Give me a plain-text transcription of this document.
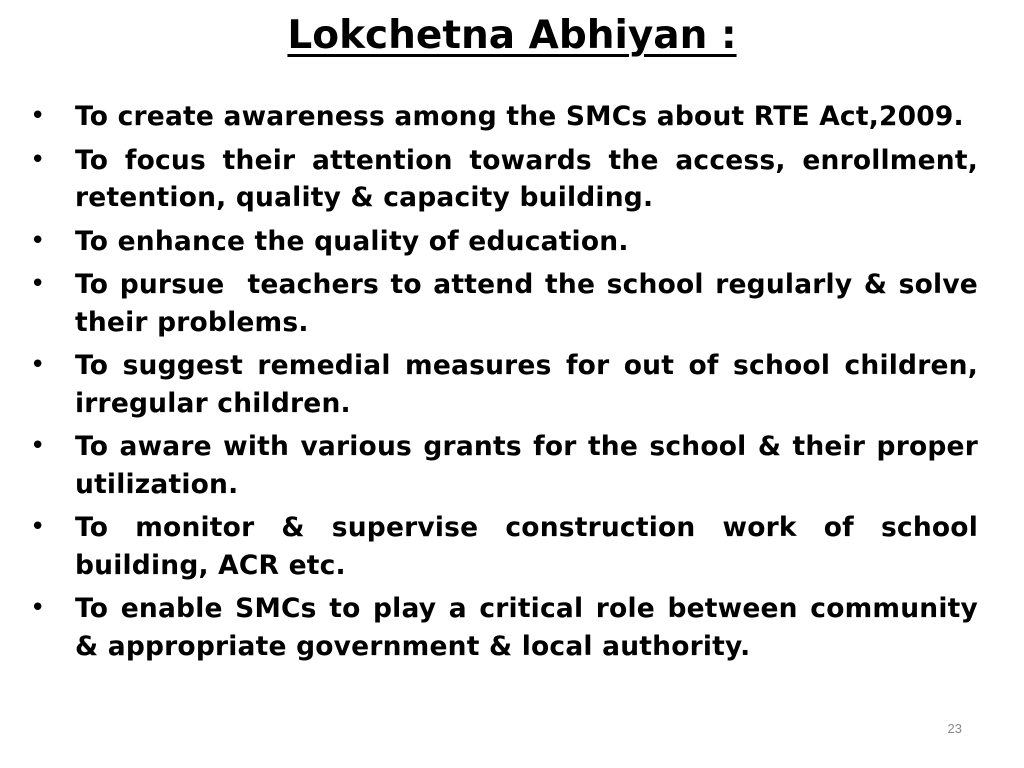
Lokchetna Abhiyan :
• To create awareness among the SMCs about RTE Act,2009.
• To focus their attention towards the access, enrollment, retention, quality & capacity building.
• To enhance the quality of education.
• To pursue  teachers to attend the school regularly & solve their problems.
• To suggest remedial measures for out of school children, irregular children.
• To aware with various grants for the school & their proper utilization.
• To monitor & supervise construction work of school building, ACR etc.
• To enable SMCs to play a critical role between community & appropriate government & local authority.
23
